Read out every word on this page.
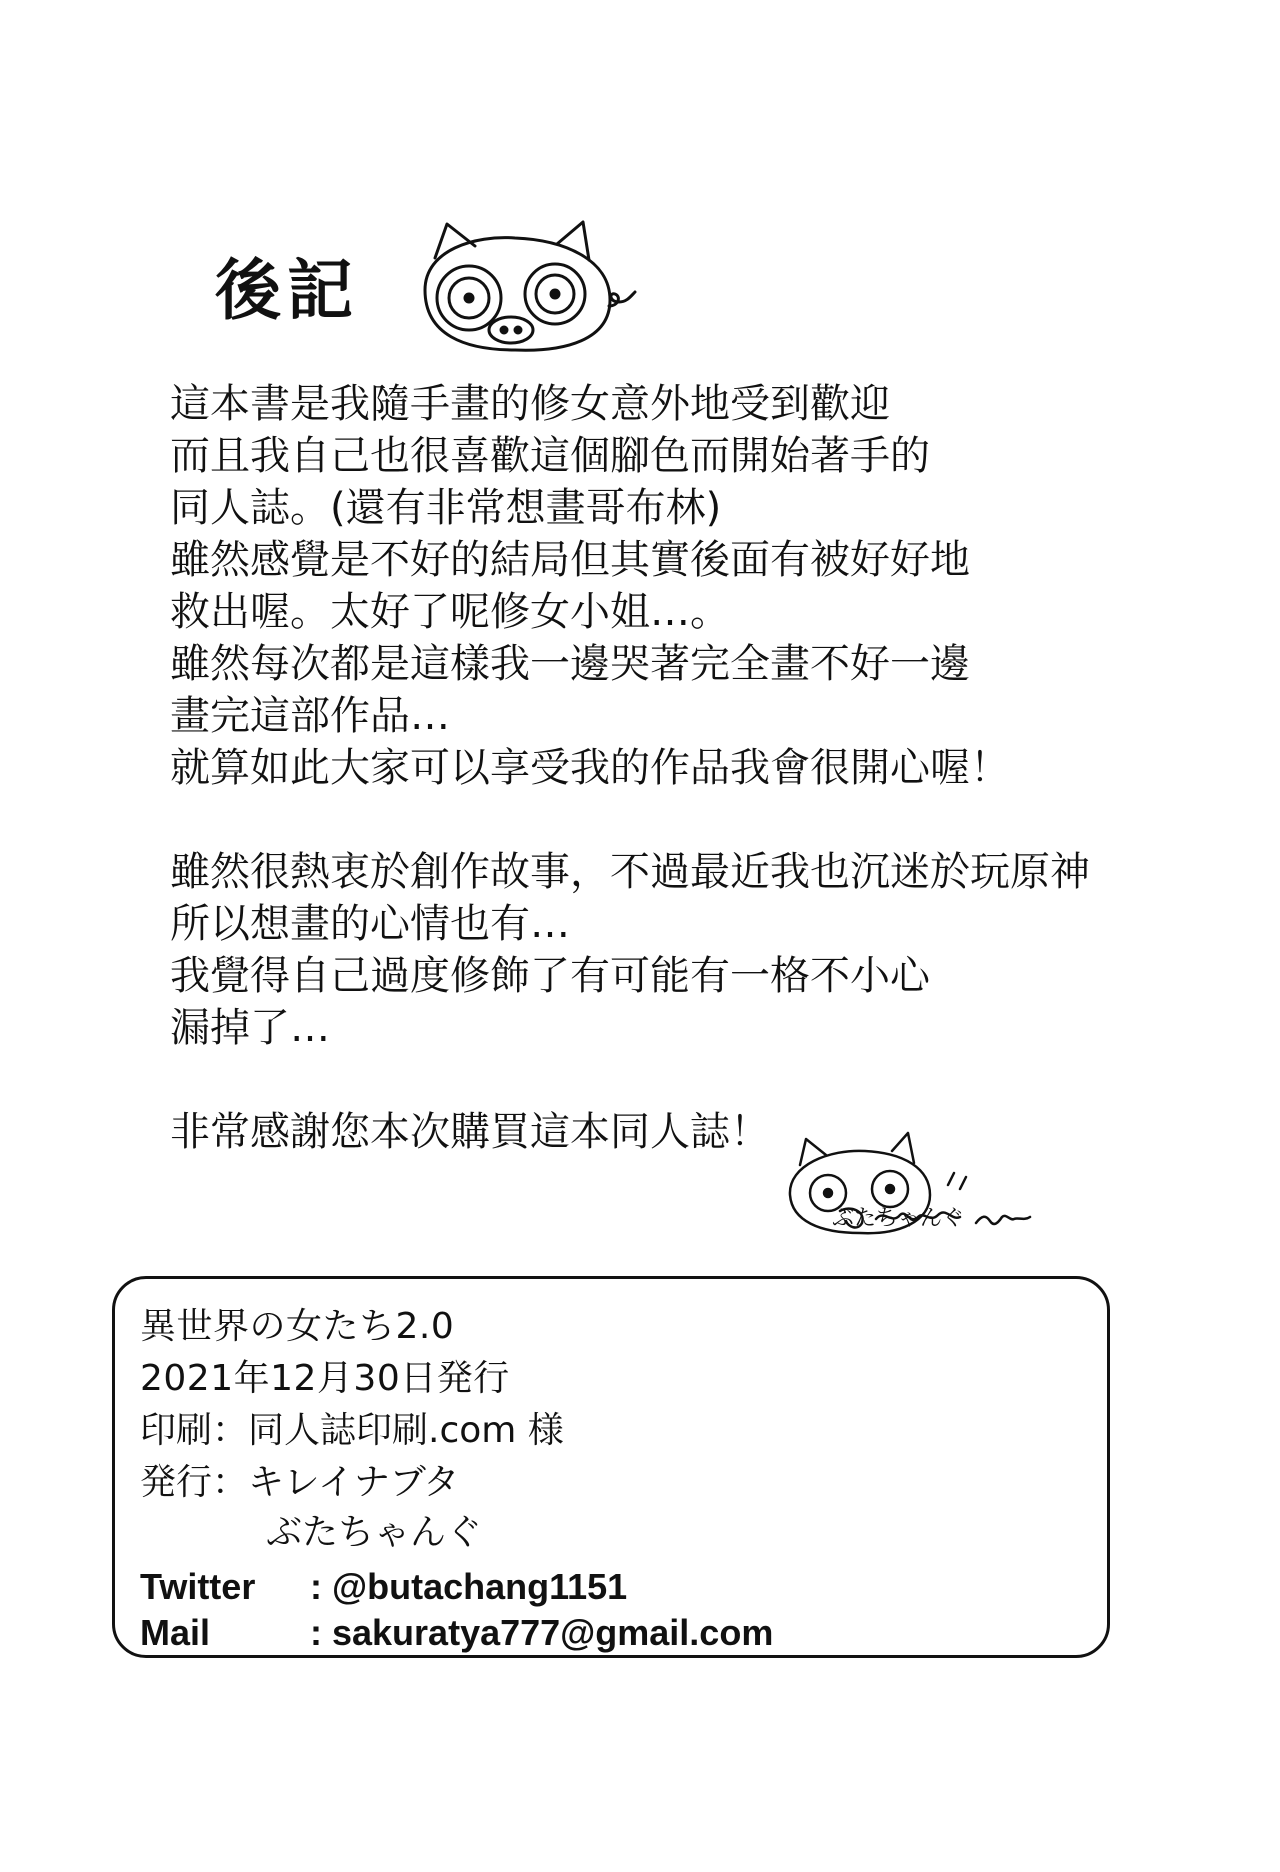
後記
這本書是我隨手畫的修女意外地受到歡迎
而且我自己也很喜歡這個腳色而開始著手的
同人誌。(還有非常想畫哥布林)
雖然感覺是不好的結局但其實後面有被好好地
救出喔。太好了呢修女小姐…。
雖然每次都是這樣我一邊哭著完全畫不好一邊
畫完這部作品…
就算如此大家可以享受我的作品我會很開心喔！
雖然很熱衷於創作故事，不過最近我也沉迷於玩原神
所以想畫的心情也有…
我覺得自己過度修飾了有可能有一格不小心
漏掉了…
非常感謝您本次購買這本同人誌！
ぶたちゃんぐ
異世界の女たち2.0
2021年12月30日発行
印刷：同人誌印刷.com 様
発行：キレイナブタ
ぶたちゃんぐ
Twitter : @butachang1151
Mail	: sakuratya777@gmail.com
